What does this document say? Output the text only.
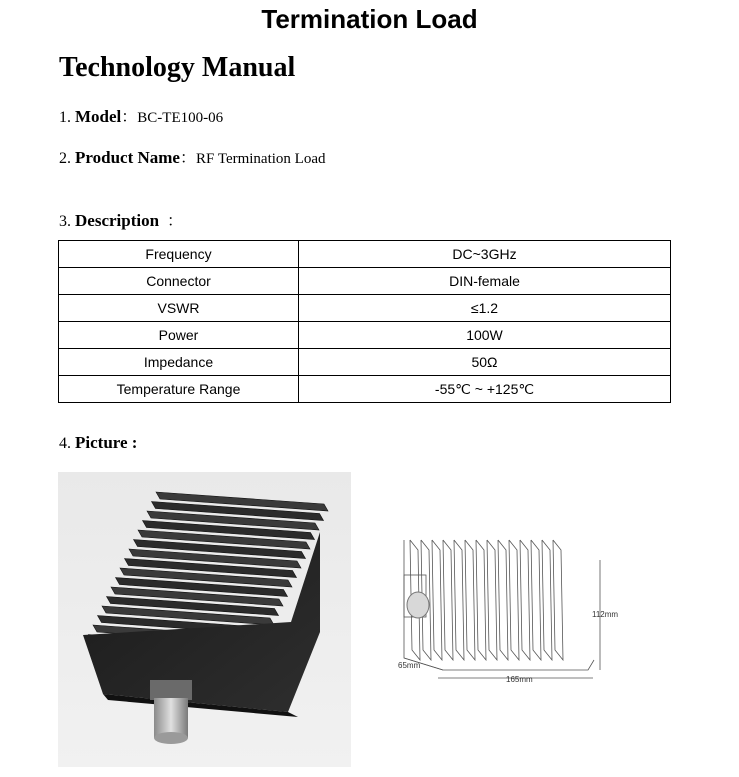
Termination Load
Technology Manual
1. Model：BC-TE100-06
2. Product Name：RF Termination Load
3. Description  ：
Frequency	DC~3GHz
Connector	DIN-female
VSWR	≤1.2
Power	100W
Impedance	50Ω
Temperature Range	-55℃ ~ +125℃
4. Picture :
112mm
65mm
165mm
